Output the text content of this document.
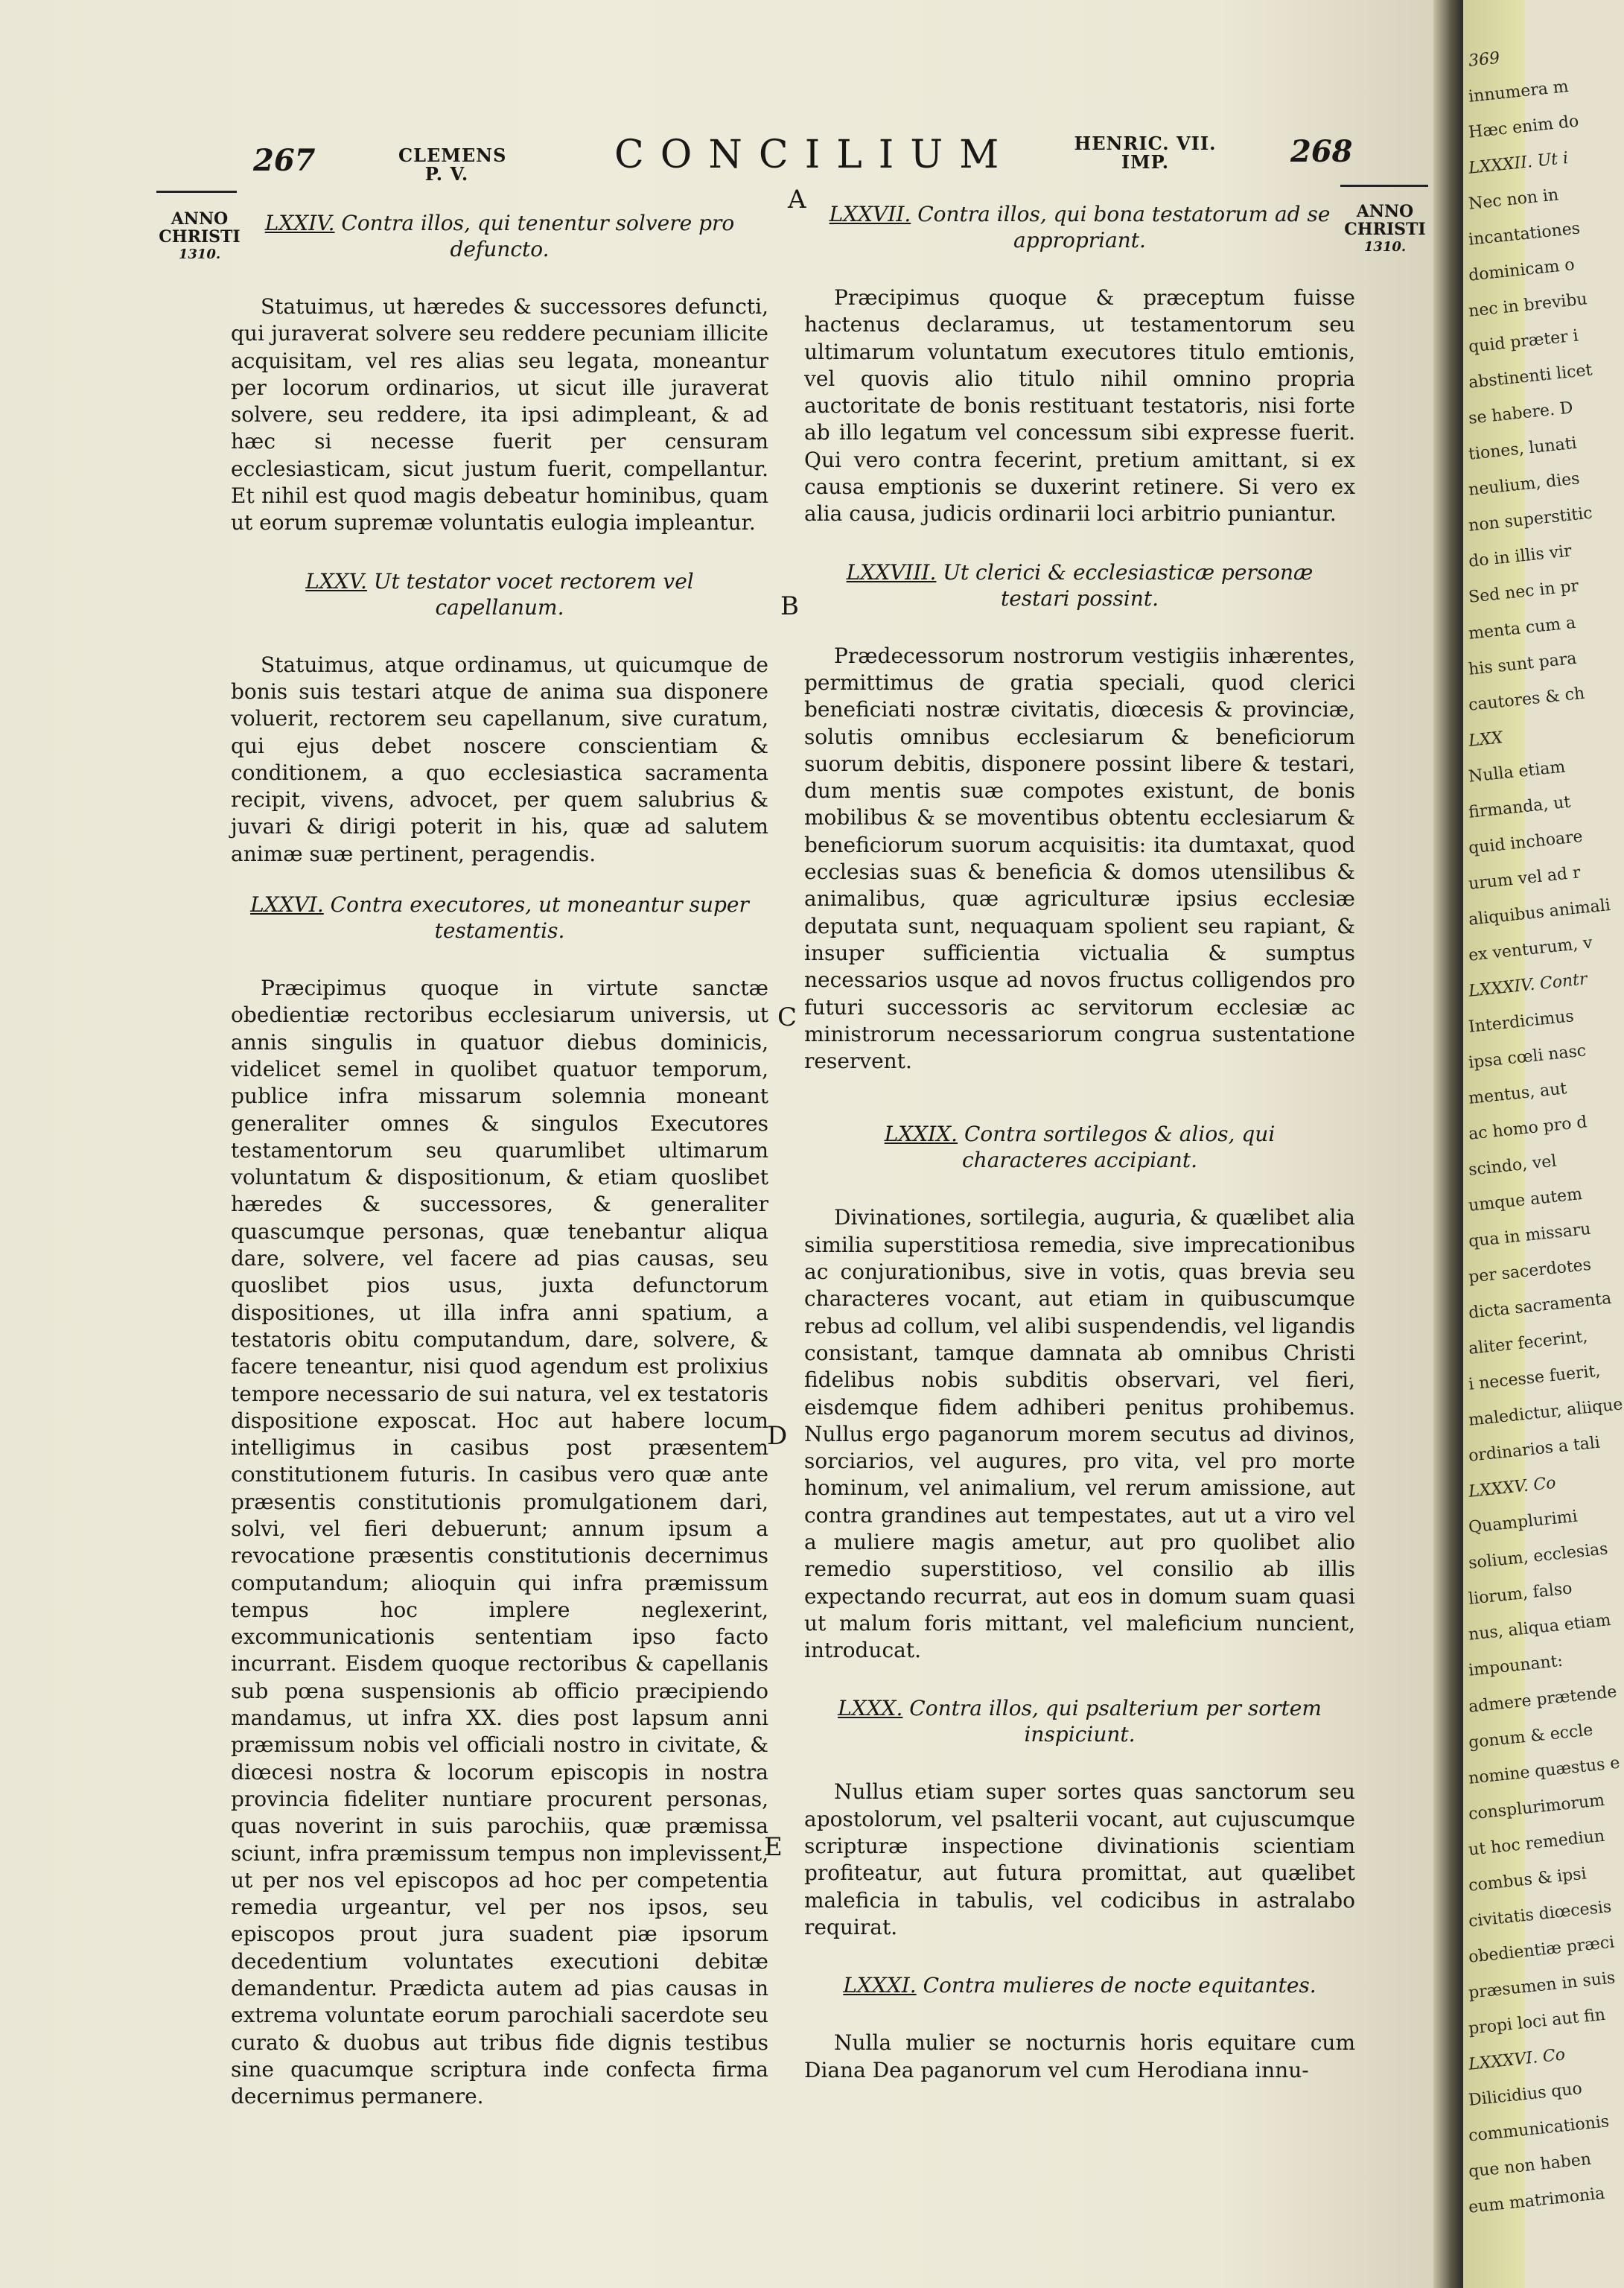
267	CLEMENS
P. V.	CONCILIUM	HENRIC. VII.
IMP.	268
ANNO
CHRISTI
1310.
ANNO
CHRISTI
1310.
A
B
C
D
E
LXXIV. Contra illos, qui tenentur solvere pro defuncto.

Statuimus, ut hæredes & successores defuncti, qui juraverat solvere seu reddere pecuniam illicite acquisitam, vel res alias seu legata, moneantur per locorum ordinarios, ut sicut ille juraverat solvere, seu reddere, ita ipsi adimpleant, & ad hæc si necesse fuerit per censuram ecclesiasticam, sicut justum fuerit, compellantur. Et nihil est quod magis debeatur hominibus, quam ut eorum supremæ voluntatis eulogia impleantur.

LXXV. Ut testator vocet rectorem vel capellanum.

Statuimus, atque ordinamus, ut quicumque de bonis suis testari atque de anima sua disponere voluerit, rectorem seu capellanum, sive curatum, qui ejus debet noscere conscientiam & conditionem, a quo ecclesiastica sacramenta recipit, vivens, advocet, per quem salubrius & juvari & dirigi poterit in his, quæ ad salutem animæ suæ pertinent, peragendis.

LXXVI. Contra executores, ut moneantur super testamentis.

Præcipimus quoque in virtute sanctæ obedientiæ rectoribus ecclesiarum universis, ut annis singulis in quatuor diebus dominicis, videlicet semel in quolibet quatuor temporum, publice infra missarum solemnia moneant generaliter omnes & singulos Executores testamentorum seu quarumlibet ultimarum voluntatum & dispositionum, & etiam quoslibet hæredes & successores, & generaliter quascumque personas, quæ tenebantur aliqua dare, solvere, vel facere ad pias causas, seu quoslibet pios usus, juxta defunctorum dispositiones, ut illa infra anni spatium, a testatoris obitu computandum, dare, solvere, & facere teneantur, nisi quod agendum est prolixius tempore necessario de sui natura, vel ex testatoris dispositione exposcat. Hoc aut habere locum intelligimus in casibus post præsentem constitutionem futuris. In casibus vero quæ ante præsentis constitutionis promulgationem dari, solvi, vel fieri debuerunt; annum ipsum a revocatione præsentis constitutionis decernimus computandum; alioquin qui infra præmissum tempus hoc implere neglexerint, excommunicationis sententiam ipso facto incurrant. Eisdem quoque rectoribus & capellanis sub pœna suspensionis ab officio præcipiendo mandamus, ut infra XX. dies post lapsum anni præmissum nobis vel officiali nostro in civitate, & diœcesi nostra & locorum episcopis in nostra provincia fideliter nuntiare procurent personas, quas noverint in suis parochiis, quæ præmissa sciunt, infra præmissum tempus non implevissent, ut per nos vel episcopos ad hoc per competentia remedia urgeantur, vel per nos ipsos, seu episcopos prout jura suadent piæ ipsorum decedentium voluntates executioni debitæ demandentur. Prædicta autem ad pias causas in extrema voluntate eorum parochiali sacerdote seu curato & duobus aut tribus fide dignis testibus sine quacumque scriptura inde confecta firma decernimus permanere.

LXXVII. Contra illos, qui bona testatorum ad se appropriant.

Præcipimus quoque & præceptum fuisse hactenus declaramus, ut testamentorum seu ultimarum voluntatum executores titulo emtionis, vel quovis alio titulo nihil omnino propria auctoritate de bonis restituant testatoris, nisi forte ab illo legatum vel concessum sibi expresse fuerit. Qui vero contra fecerint, pretium amittant, si ex causa emptionis se duxerint retinere. Si vero ex alia causa, judicis ordinarii loci arbitrio puniantur.

LXXVIII. Ut clerici & ecclesiasticæ personæ testari possint.

Prædecessorum nostrorum vestigiis inhærentes, permittimus de gratia speciali, quod clerici beneficiati nostræ civitatis, diœcesis & provinciæ, solutis omnibus ecclesiarum & beneficiorum suorum debitis, disponere possint libere & testari, dum mentis suæ compotes existunt, de bonis mobilibus & se moventibus obtentu ecclesiarum & beneficiorum suorum acquisitis: ita dumtaxat, quod ecclesias suas & beneficia & domos utensilibus & animalibus, quæ agriculturæ ipsius ecclesiæ deputata sunt, nequaquam spolient seu rapiant, & insuper sufficientia victualia & sumptus necessarios usque ad novos fructus colligendos pro futuri successoris ac servitorum ecclesiæ ac ministrorum necessariorum congrua sustentatione reservent.

LXXIX. Contra sortilegos & alios, qui characteres accipiant.

Divinationes, sortilegia, auguria, & quælibet alia similia superstitiosa remedia, sive imprecationibus ac conjurationibus, sive in votis, quas brevia seu characteres vocant, aut etiam in quibuscumque rebus ad collum, vel alibi suspendendis, vel ligandis consistant, tamque damnata ab omnibus Christi fidelibus nobis subditis observari, vel fieri, eisdemque fidem adhiberi penitus prohibemus. Nullus ergo paganorum morem secutus ad divinos, sorciarios, vel augures, pro vita, vel pro morte hominum, vel animalium, vel rerum amissione, aut contra grandines aut tempestates, aut ut a viro vel a muliere magis ametur, aut pro quolibet alio remedio superstitioso, vel consilio ab illis expectando recurrat, aut eos in domum suam quasi ut malum foris mittant, vel maleficium nuncient, introducat.

LXXX. Contra illos, qui psalterium per sortem inspiciunt.

Nullus etiam super sortes quas sanctorum seu apostolorum, vel psalterii vocant, aut cujuscumque scripturæ inspectione divinationis scientiam profiteatur, aut futura promittat, aut quælibet maleficia in tabulis, vel codicibus in astralabo requirat.

LXXXI. Contra mulieres de nocte equitantes.

Nulla mulier se nocturnis horis equitare cum Diana Dea paganorum vel cum Herodiana innu-

369
innumera m
Hæc enim do
LXXXII. Ut i
Nec non in
incantationes
dominicam o
nec in brevibu
quid præter i
abstinenti licet
se habere. D
tiones, lunati
neulium, dies
non superstitic
do in illis vir
Sed nec in pr
menta cum a
his sunt para
cautores & ch
LXX
Nulla etiam
firmanda, ut
quid inchoare
urum vel ad r
aliquibus animali
ex venturum, v
LXXXIV. Contr
Interdicimus
ipsa cœli nasc
mentus, aut
ac homo pro d
scindo, vel
umque autem
qua in missaru
per sacerdotes
dicta sacramenta
aliter fecerint,
i necesse fuerit,
maledictur, aliique
ordinarios a tali
LXXXV. Co
Quamplurimi
solium, ecclesias
liorum, falso
nus, aliqua etiam
impounant:
admere prætende
gonum & eccle
nomine quæstus e
consplurimorum
ut hoc remediun
combus & ipsi
civitatis diœcesis
obedientiæ præci
præsumen in suis
propi loci aut fin
LXXXVI. Co
Dilicidius quo
communicationis
que non haben
eum matrimonia
